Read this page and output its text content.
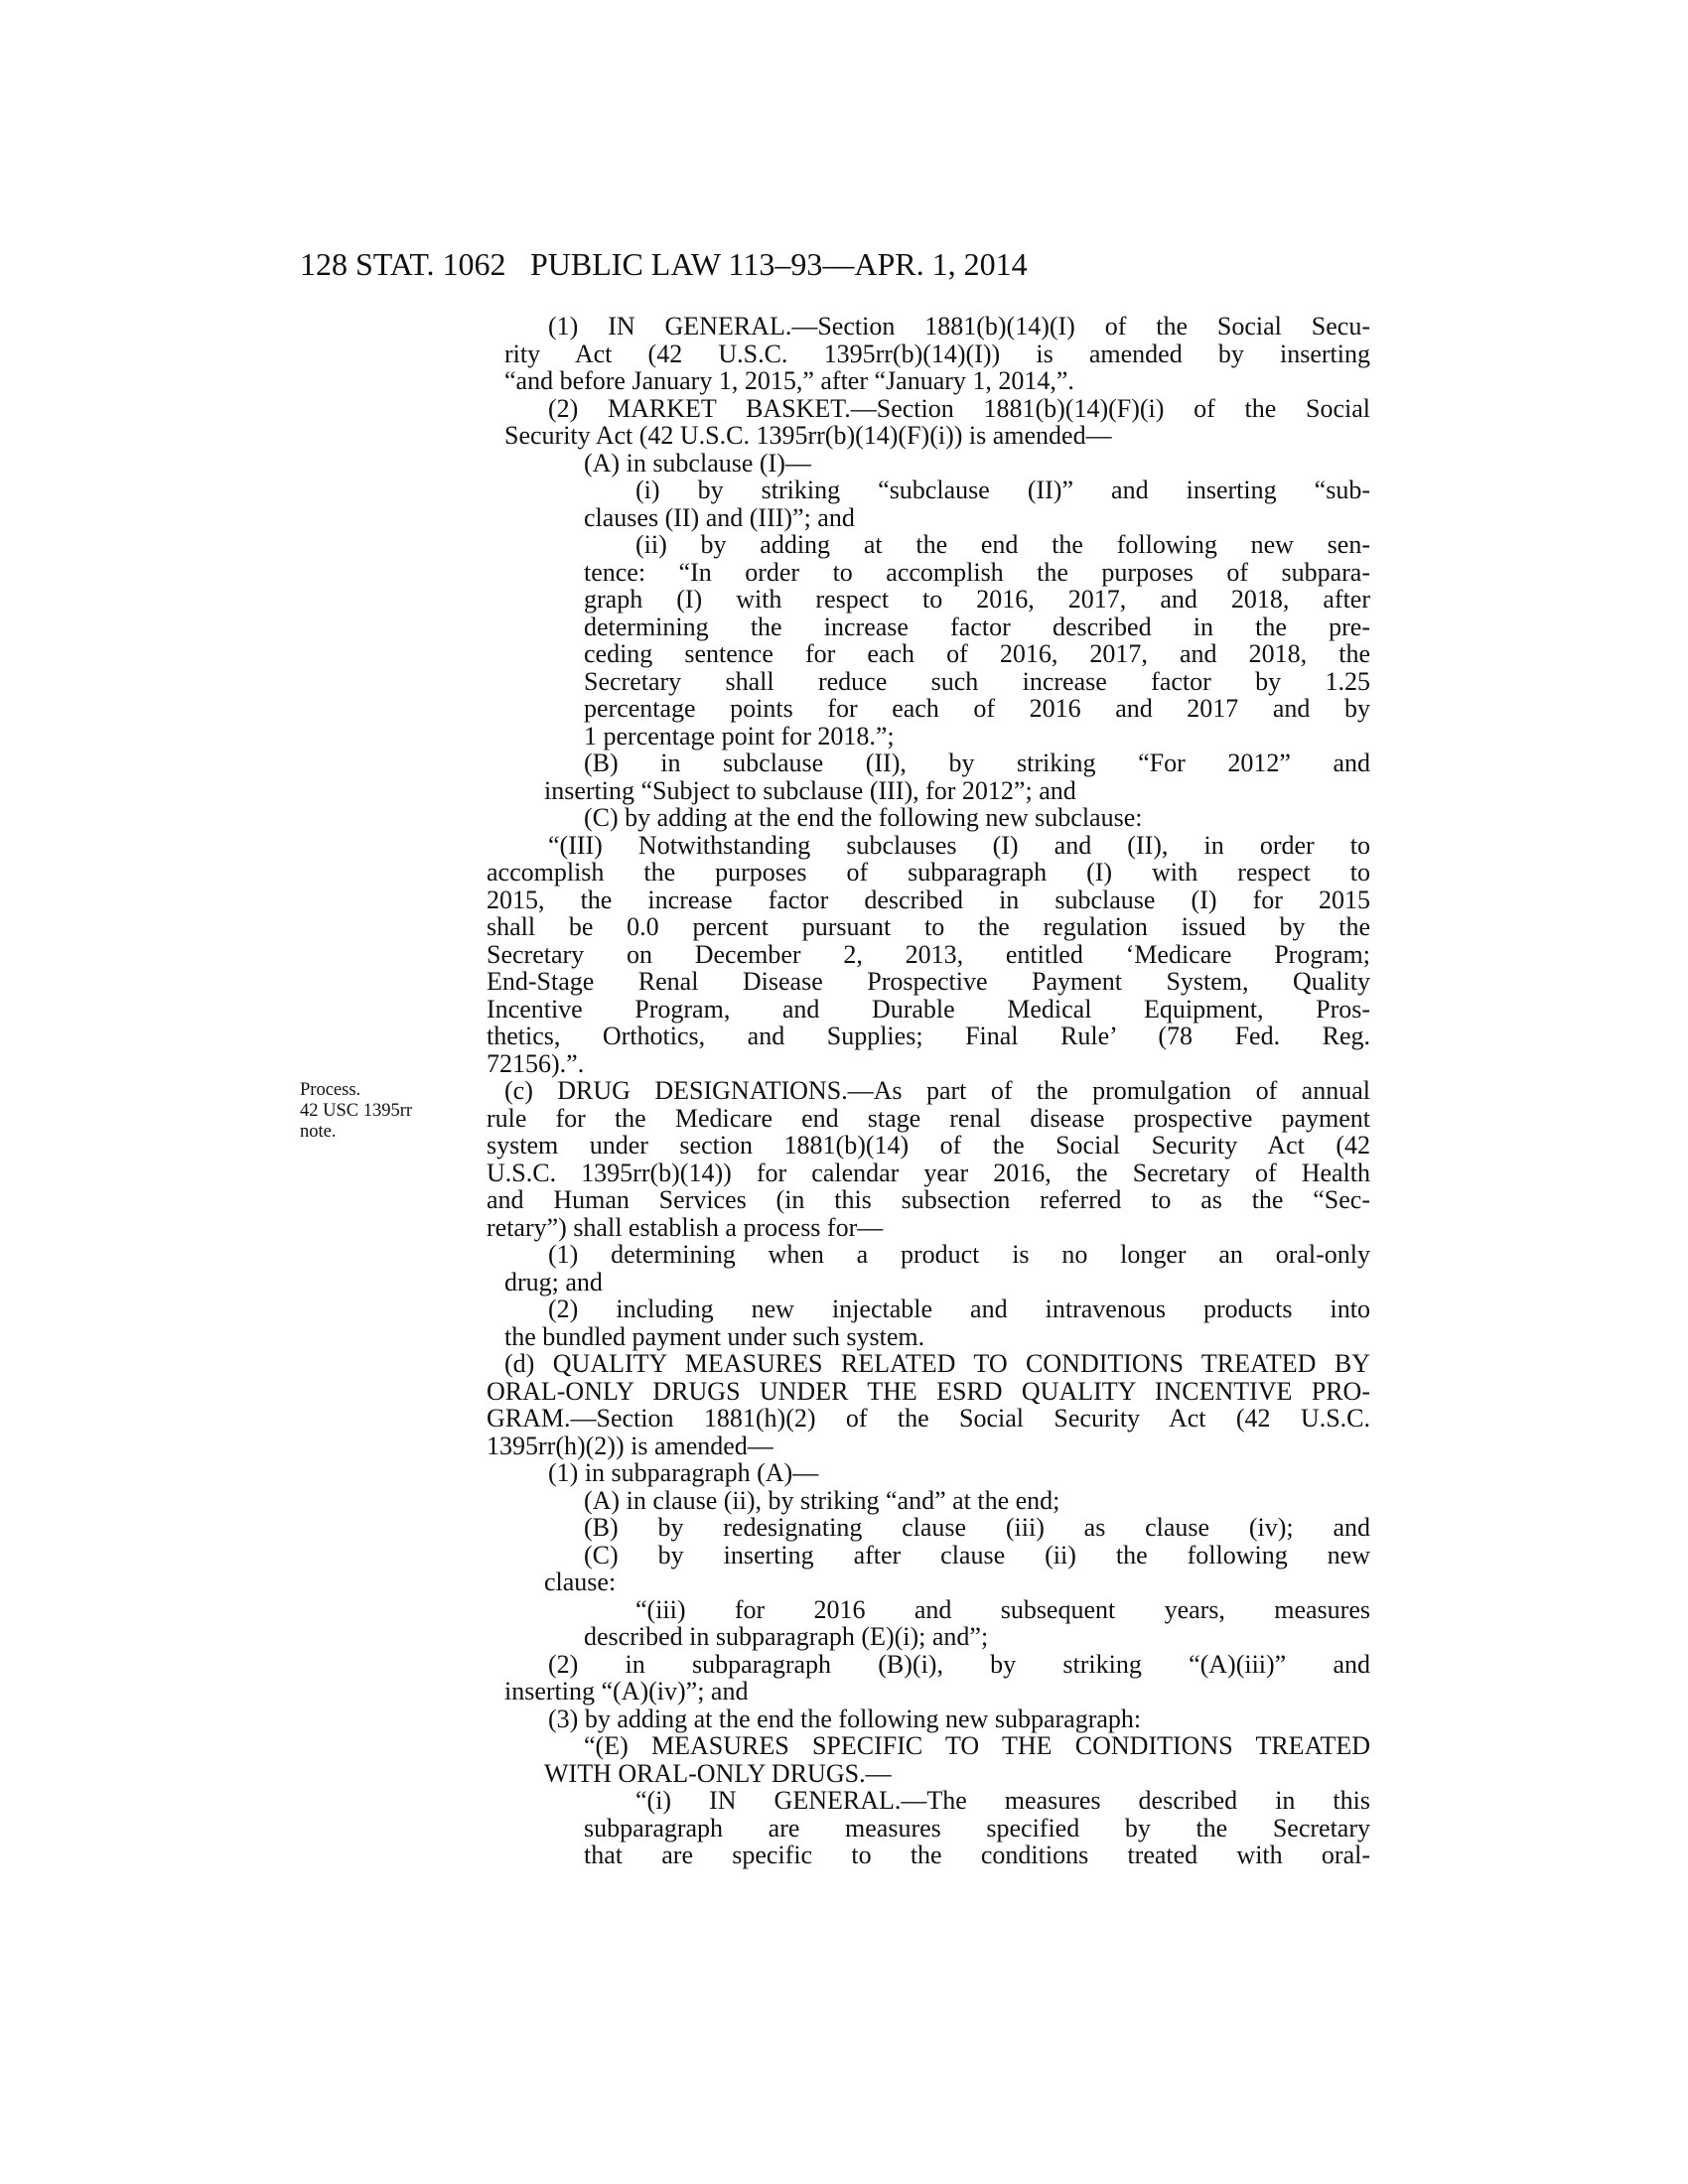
128 STAT. 1062 PUBLIC LAW 113–93—APR. 1, 2014
Process.
42 USC 1395rr
note.
(1) IN GENERAL.—Section 1881(b)(14)(I) of the Social Secu-
rity Act (42 U.S.C. 1395rr(b)(14)(I)) is amended by inserting
“and before January 1, 2015,” after “January 1, 2014,”.
(2) MARKET BASKET.—Section 1881(b)(14)(F)(i) of the Social
Security Act (42 U.S.C. 1395rr(b)(14)(F)(i)) is amended—
(A) in subclause (I)—
(i) by striking “subclause (II)” and inserting “sub-
clauses (II) and (III)”; and
(ii) by adding at the end the following new sen-
tence: “In order to accomplish the purposes of subpara-
graph (I) with respect to 2016, 2017, and 2018, after
determining the increase factor described in the pre-
ceding sentence for each of 2016, 2017, and 2018, the
Secretary shall reduce such increase factor by 1.25
percentage points for each of 2016 and 2017 and by
1 percentage point for 2018.”;
(B) in subclause (II), by striking “For 2012” and
inserting “Subject to subclause (III), for 2012”; and
(C) by adding at the end the following new subclause:
“(III) Notwithstanding subclauses (I) and (II), in order to
accomplish the purposes of subparagraph (I) with respect to
2015, the increase factor described in subclause (I) for 2015
shall be 0.0 percent pursuant to the regulation issued by the
Secretary on December 2, 2013, entitled ‘Medicare Program;
End-Stage Renal Disease Prospective Payment System, Quality
Incentive Program, and Durable Medical Equipment, Pros-
thetics, Orthotics, and Supplies; Final Rule’ (78 Fed. Reg.
72156).”.
(c) DRUG DESIGNATIONS.—As part of the promulgation of annual
rule for the Medicare end stage renal disease prospective payment
system under section 1881(b)(14) of the Social Security Act (42
U.S.C. 1395rr(b)(14)) for calendar year 2016, the Secretary of Health
and Human Services (in this subsection referred to as the “Sec-
retary”) shall establish a process for—
(1) determining when a product is no longer an oral-only
drug; and
(2) including new injectable and intravenous products into
the bundled payment under such system.
(d) QUALITY MEASURES RELATED TO CONDITIONS TREATED BY
ORAL-ONLY DRUGS UNDER THE ESRD QUALITY INCENTIVE PRO-
GRAM.—Section 1881(h)(2) of the Social Security Act (42 U.S.C.
1395rr(h)(2)) is amended—
(1) in subparagraph (A)—
(A) in clause (ii), by striking “and” at the end;
(B) by redesignating clause (iii) as clause (iv); and
(C) by inserting after clause (ii) the following new
clause:
“(iii) for 2016 and subsequent years, measures
described in subparagraph (E)(i); and”;
(2) in subparagraph (B)(i), by striking “(A)(iii)” and
inserting “(A)(iv)”; and
(3) by adding at the end the following new subparagraph:
“(E) MEASURES SPECIFIC TO THE CONDITIONS TREATED
WITH ORAL-ONLY DRUGS.—
“(i) IN GENERAL.—The measures described in this
subparagraph are measures specified by the Secretary
that are specific to the conditions treated with oral-
